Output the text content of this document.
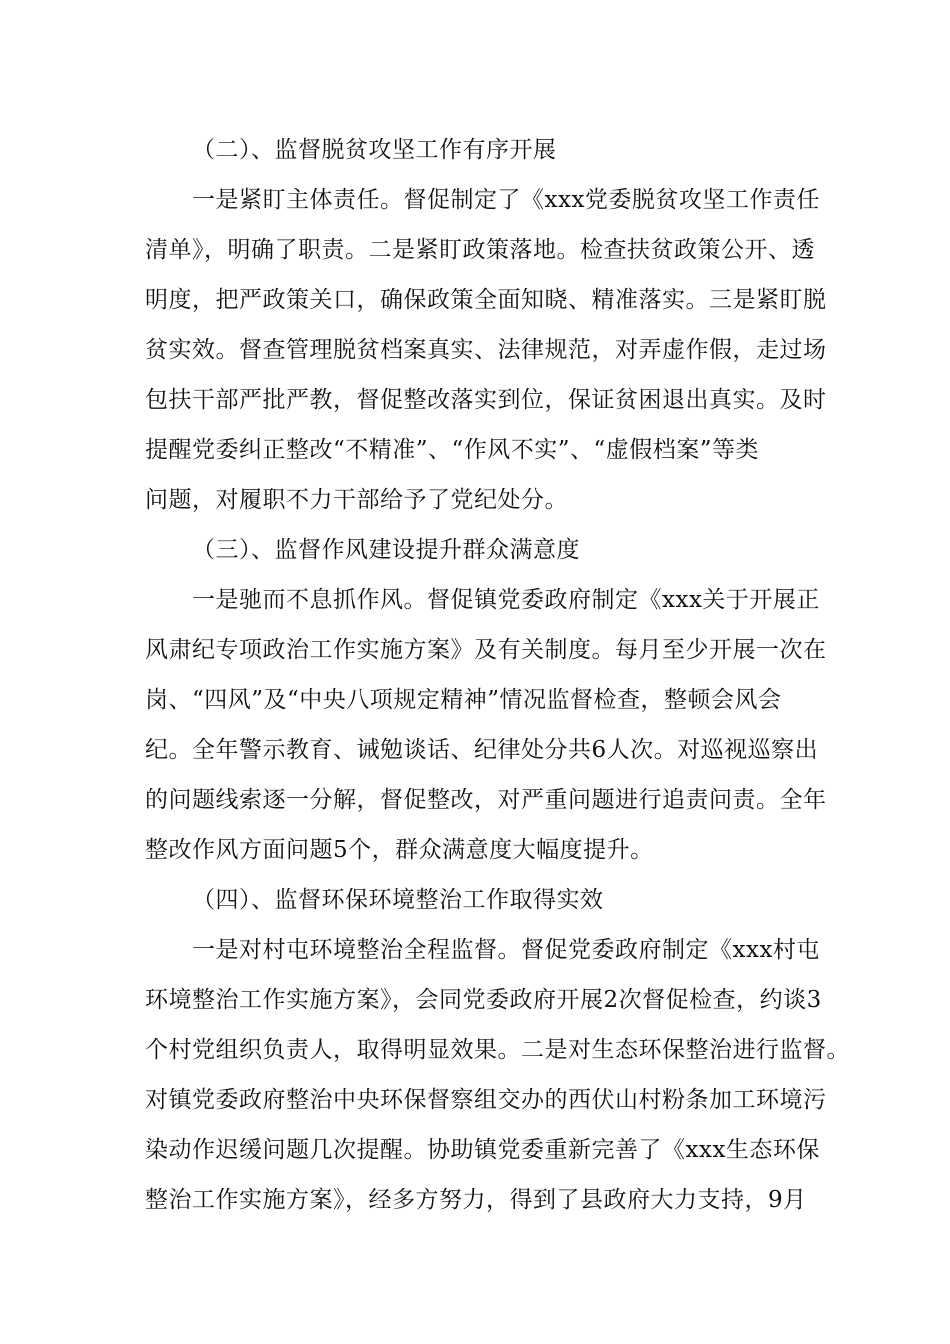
（二）、监督脱贫攻坚工作有序开展
一是紧盯主体责任。督促制定了《xxx党委脱贫攻坚工作责任
清单》，明确了职责。二是紧盯政策落地。检查扶贫政策公开、透
明度，把严政策关口，确保政策全面知晓、精准落实。三是紧盯脱
贫实效。督查管理脱贫档案真实、法律规范，对弄虚作假，走过场
包扶干部严批严教，督促整改落实到位，保证贫困退出真实。及时
提醒党委纠正整改“不精准”、“作风不实”、“虚假档案”等类
问题，对履职不力干部给予了党纪处分。
（三）、监督作风建设提升群众满意度
一是驰而不息抓作风。督促镇党委政府制定《xxx关于开展正
风肃纪专项政治工作实施方案》及有关制度。每月至少开展一次在
岗、“四风”及“中央八项规定精神”情况监督检查，整顿会风会
纪。全年警示教育、诫勉谈话、纪律处分共6人次。对巡视巡察出
的问题线索逐一分解，督促整改，对严重问题进行追责问责。全年
整改作风方面问题5个，群众满意度大幅度提升。
（四）、监督环保环境整治工作取得实效
一是对村屯环境整治全程监督。督促党委政府制定《xxx村屯
环境整治工作实施方案》，会同党委政府开展2次督促检查，约谈3
个村党组织负责人，取得明显效果。二是对生态环保整治进行监督。
对镇党委政府整治中央环保督察组交办的西伏山村粉条加工环境污
染动作迟缓问题几次提醒。协助镇党委重新完善了《xxx生态环保
整治工作实施方案》，经多方努力，得到了县政府大力支持，9月
